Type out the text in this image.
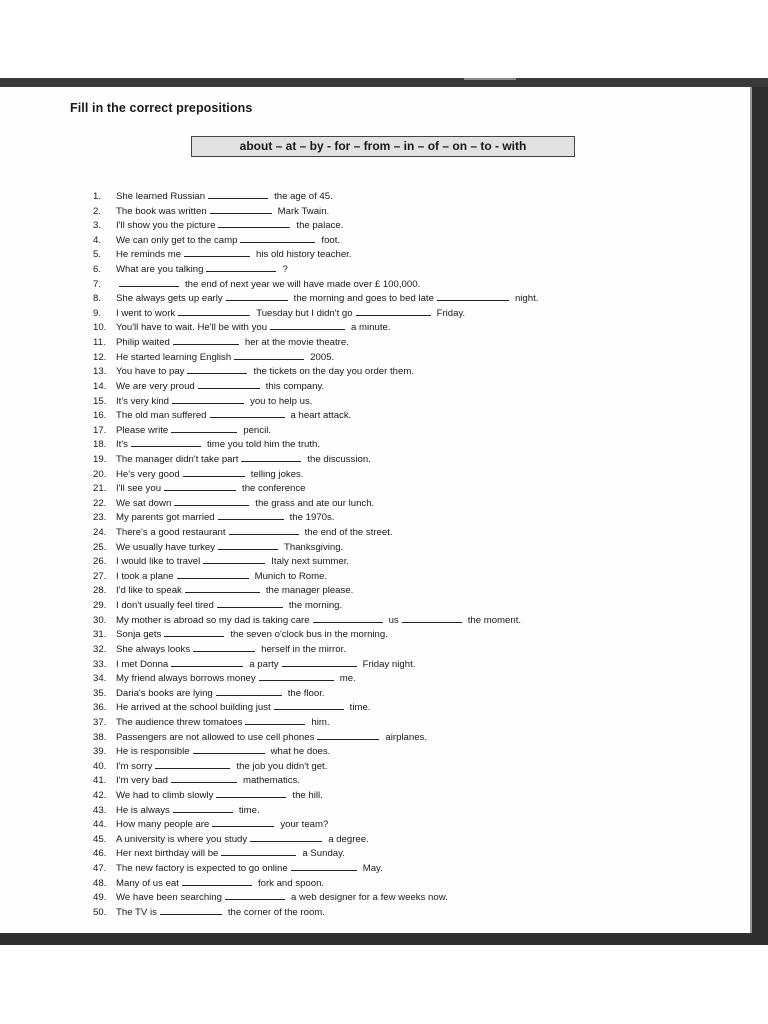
Fill in the correct prepositions
about – at – by - for – from – in – of – on – to - with
1. She learned Russian	the age of 45.
2. The book was written	Mark Twain.
3. I'll show you the picture	the palace.
4. We can only get to the camp	foot.
5. He reminds me	his old history teacher.
6. What are you talking	?
7.	the end of next year we will have made over £ 100,000.
8. She always gets up early	the morning and goes to bed late	night.
9. I went to work	Tuesday but I didn't go	Friday.
10. You'll have to wait. He'll be with you	a minute.
11. Philip waited	her at the movie theatre.
12. He started learning English	2005.
13. You have to pay	the tickets on the day you order them.
14. We are very proud	this company.
15. It's very kind	you to help us.
16. The old man suffered	a heart attack.
17. Please write	pencil.
18. It's	time you told him the truth.
19. The manager didn't take part	the discussion.
20. He's very good	telling jokes.
21. I'll see you	the conference
22. We sat down	the grass and ate our lunch.
23. My parents got married	the 1970s.
24. There's a good restaurant	the end of the street.
25. We usually have turkey	Thanksgiving.
26. I would like to travel	Italy next summer.
27. I took a plane	Munich to Rome.
28. I'd like to speak	the manager please.
29. I don't usually feel tired	the morning.
30. My mother is abroad so my dad is taking care	us	the moment.
31. Sonja gets	the seven o'clock bus in the morning.
32. She always looks	herself in the mirror.
33. I met Donna	a party	Friday night.
34. My friend always borrows money	me.
35. Daria's books are lying	the floor.
36. He arrived at the school building just	time.
37. The audience threw tomatoes	him.
38. Passengers are not allowed to use cell phones	airplanes.
39. He is responsible	what he does.
40. I'm sorry	the job you didn't get.
41. I'm very bad	mathematics.
42. We had to climb slowly	the hill.
43. He is always	time.
44. How many people are	your team?
45. A university is where you study	a degree.
46. Her next birthday will be	a Sunday.
47. The new factory is expected to go online	May.
48. Many of us eat	fork and spoon.
49. We have been searching	a web designer for a few weeks now.
50. The TV is	the corner of the room.
